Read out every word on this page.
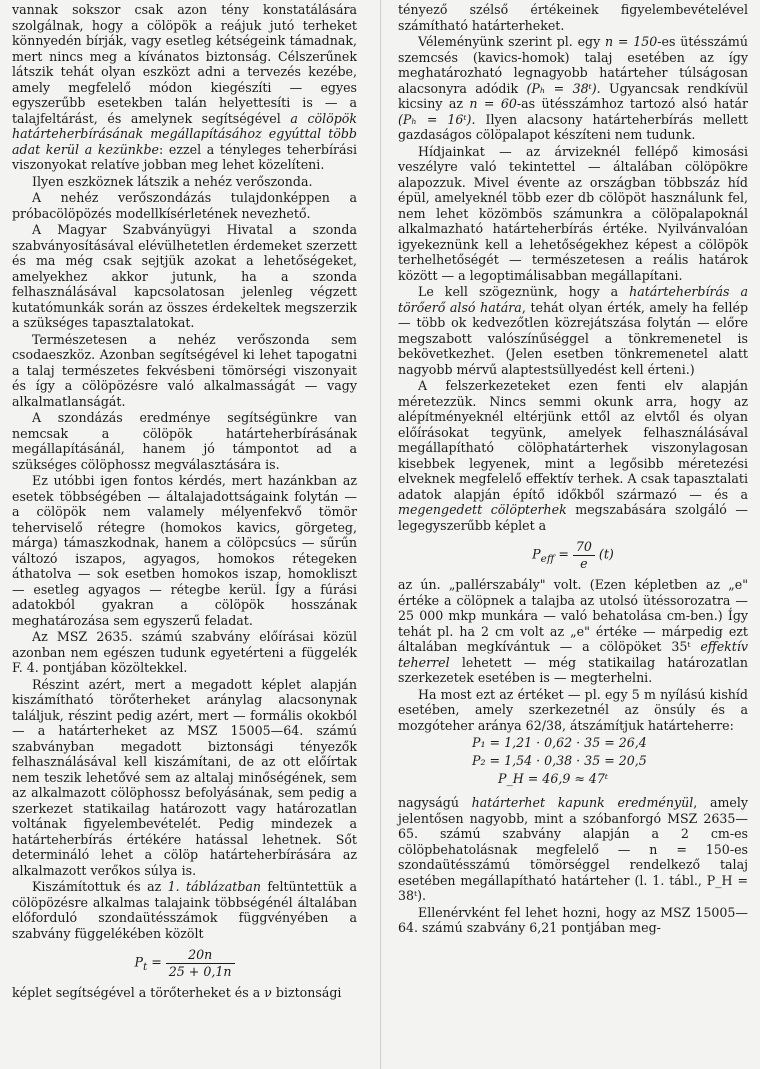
vannak sokszor csak azon tény konstatálására szolgálnak, hogy a cölöpök a reájuk jutó terheket könnyedén bírják, vagy esetleg kétségeink támadnak, mert nincs meg a kívánatos biztonság. Célszerűnek látszik tehát olyan eszközt adni a tervezés kezébe, amely megfelelő módon kiegészíti — egyes egyszerűbb esetekben talán helyettesíti is — a talajfeltárást, és amelynek segítségével a cölöpök határteherbírásának megállapításához egyúttal több adat kerül a kezünkbe: ezzel a tényleges teherbírási viszonyokat relatíve jobban meg lehet közelíteni.

Ilyen eszköznek látszik a nehéz verőszonda.

A nehéz verőszondázás tulajdonképpen a próbacölöpözés modellkísérletének nevezhető.

A Magyar Szabványügyi Hivatal a szonda szabványosításával elévülhetetlen érdemeket szerzett és ma még csak sejtjük azokat a lehetőségeket, amelyekhez akkor jutunk, ha a szonda felhasználásával kapcsolatosan jelenleg végzett kutatómunkák során az összes érdekeltek megszerzik a szükséges tapasztalatokat.

Természetesen a nehéz verőszonda sem csodaeszköz. Azonban segítségével ki lehet tapogatni a talaj természetes fekvésbeni tömörségi viszonyait és így a cölöpözésre való alkalmasságát — vagy alkalmatlanságát.

A szondázás eredménye segítségünkre van nemcsak a cölöpök határteherbírásának megállapításánál, hanem jó támpontot ad a szükséges cölöphossz megválasztására is.

Ez utóbbi igen fontos kérdés, mert hazánkban az esetek többségében — általajadottságaink folytán — a cölöpök nem valamely mélyenfekvő tömör teherviselő rétegre (homokos kavics, görgeteg, márga) támaszkodnak, hanem a cölöpcsúcs — sűrűn változó iszapos, agyagos, homokos rétegeken áthatolva — sok esetben homokos iszap, homokliszt — esetleg agyagos — rétegbe kerül. Így a fúrási adatokból gyakran a cölöpök hosszának meghatározása sem egyszerű feladat.

Az MSZ 2635. számú szabvány előírásai közül azonban nem egészen tudunk egyetérteni a függelék F. 4. pontjában közöltekkel.

Részint azért, mert a megadott képlet alapján kiszámítható törőterheket aránylag alacsonynak találjuk, részint pedig azért, mert — formális okokból — a határterheket az MSZ 15005—64. számú szabványban megadott biztonsági tényezők felhasználásával kell kiszámítani, de az ott előírtak nem teszik lehetővé sem az altalaj minőségének, sem az alkalmazott cölöphossz befolyásának, sem pedig a szerkezet statikailag határozott vagy határozatlan voltának figyelembevételét. Pedig mindezek a határteherbírás értékére hatással lehetnek. Sőt determináló lehet a cölöp határteherbírására az alkalmazott verőkos súlya is.

Kiszámítottuk és az 1. táblázatban feltüntettük a cölöpözésre alkalmas talajaink többségénél általában előforduló szondaütésszámok függvényében a szabvány függelékében közölt

$P_t = \frac{20n}{25 + 0,1n}$

képlet segítségével a törőterheket és a ν biztonsági

tényező szélső értékeinek figyelembevételével számítható határterheket.

Véleményünk szerint pl. egy n = 150-es ütésszámú szemcsés (kavics-homok) talaj esetében az így meghatározható legnagyobb határteher túlságosan alacsonyra adódik (Pₕ = 38ᵗ). Ugyancsak rendkívül kicsiny az n = 60-as ütésszámhoz tartozó alsó határ (Pₕ = 16ᵗ). Ilyen alacsony határteherbírás mellett gazdaságos cölöpalapot készíteni nem tudunk.

Hídjainkat — az árvizeknél fellépő kimosási veszélyre való tekintettel — általában cölöpökre alapozzuk. Mivel évente az országban többszáz híd épül, amelyeknél több ezer db cölöpöt használunk fel, nem lehet közömbös számunkra a cölöpalapoknál alkalmazható határteherbírás értéke. Nyilvánvalóan igyekeznünk kell a lehetőségekhez képest a cölöpök terhelhetőségét — természetesen a reális határok között — a legoptimálisabban megállapítani.

Le kell szögeznünk, hogy a határteherbírás a törőerő alsó határa, tehát olyan érték, amely ha fellép — több ok kedvezőtlen közrejátszása folytán — előre megszabott valószínűséggel a tönkremenetel is bekövetkezhet. (Jelen esetben tönkremenetel alatt nagyobb mérvű alaptestsüllyedést kell érteni.)

A felszerkezeteket ezen fenti elv alapján méretezzük. Nincs semmi okunk arra, hogy az alépítményeknél eltérjünk ettől az elvtől és olyan előírásokat tegyünk, amelyek felhasználásával megállapítható cölöphatárterhek viszonylagosan kisebbek legyenek, mint a legősibb méretezési elveknek megfelelő effektív terhek. A csak tapasztalati adatok alapján építő időkből származó — és a megengedett cölöpterhek megszabására szolgáló — legegyszerűbb képlet a

$P_{eff} = \frac{70}{e} (t)$

az ún. „pallérszabály" volt. (Ezen képletben az „e" értéke a cölöpnek a talajba az utolsó ütéssorozatra — 25 000 mkp munkára — való behatolása cm-ben.) Így tehát pl. ha 2 cm volt az „e" értéke — márpedig ezt általában megkívántuk — a cölöpöket 35ᵗ effektív teherrel lehetett — még statikailag határozatlan szerkezetek esetében is — megterhelni.

Ha most ezt az értéket — pl. egy 5 m nyílású kishíd esetében, amely szerkezetnél az önsúly és a mozgóteher aránya 62/38, átszámítjuk határteherre:

P₁ = 1,21 · 0,62 · 35 = 26,4
P₂ = 1,54 · 0,38 · 35 = 20,5
P_H = 46,9 ≈ 47ᵗ

nagyságú határterhet kapunk eredményül, amely jelentősen nagyobb, mint a szóbanforgó MSZ 2635—65. számú szabvány alapján a 2 cm-es cölöpbehatolásnak megfelelő — n = 150-es szondaütésszámú tömörséggel rendelkező talaj esetében megállapítható határteher (l. 1. tábl., P_H = 38ᵗ).

Ellenérvként fel lehet hozni, hogy az MSZ 15005—64. számú szabvány 6,21 pontjában meg-
